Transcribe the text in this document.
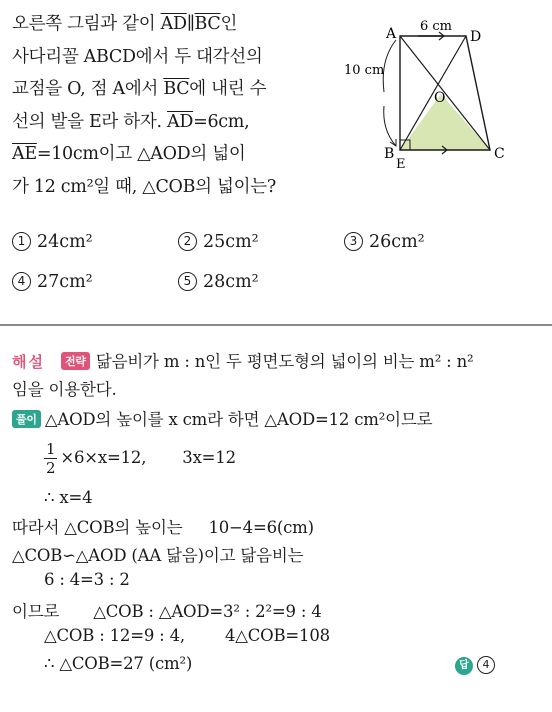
오른쪽 그림과 같이 $\overline{AD}\parallel\overline{BC}$인
사다리꼴 ABCD에서 두 대각선의
교점을 O, 점 A에서 $\overline{BC}$에 내린 수
선의 발을 E라 하자. $\overline{AD}=6cm$,
$\overline{AE}=10cm$이고 △AOD의 넓이
가 12 cm²일 때, △COB의 넓이는?
A	D
B	C
E
O
6 cm
10 cm
1 24cm²	2 25cm²	3 26cm²
4 27cm²	5 28cm²
해설 전략 닮음비가 m : n인 두 평면도형의 넓이의 비는 m² : n²
임을 이용한다.
풀이 △AOD의 높이를 x cm라 하면 △AOD=12 cm²이므로
$\frac{1}{2} \times 6\times x=12$, 3x=12
∴ x=4
따라서 △COB의 높이는 10−4=6(cm)
△COB∽△AOD (AA 닮음)이고 닮음비는
6 : 4=3 : 2
이므로 △COB : △AOD=3² : 2²=9 : 4
△COB : 12=9 : 4, 4△COB=108
∴ △COB=27 (cm²)	답 4
